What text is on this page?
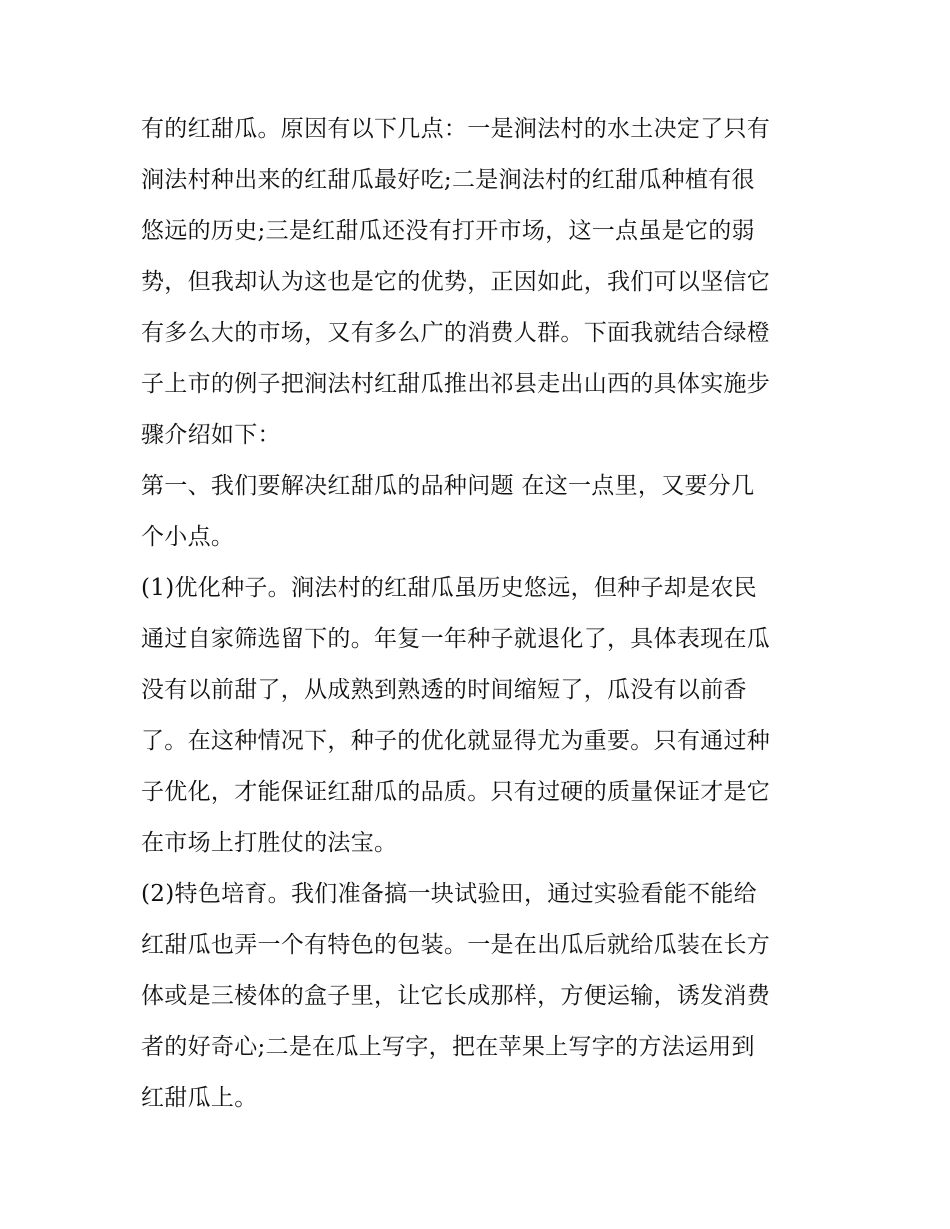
有的红甜瓜。原因有以下几点：一是涧法村的水土决定了只有
涧法村种出来的红甜瓜最好吃;二是涧法村的红甜瓜种植有很
悠远的历史;三是红甜瓜还没有打开市场，这一点虽是它的弱
势，但我却认为这也是它的优势，正因如此，我们可以坚信它
有多么大的市场，又有多么广的消费人群。下面我就结合绿橙
子上市的例子把涧法村红甜瓜推出祁县走出山西的具体实施步
骤介绍如下：
第一、我们要解决红甜瓜的品种问题 在这一点里，又要分几
个小点。
(1)优化种子。涧法村的红甜瓜虽历史悠远，但种子却是农民
通过自家筛选留下的。年复一年种子就退化了，具体表现在瓜
没有以前甜了，从成熟到熟透的时间缩短了，瓜没有以前香
了。在这种情况下，种子的优化就显得尤为重要。只有通过种
子优化，才能保证红甜瓜的品质。只有过硬的质量保证才是它
在市场上打胜仗的法宝。
(2)特色培育。我们准备搞一块试验田，通过实验看能不能给
红甜瓜也弄一个有特色的包装。一是在出瓜后就给瓜装在长方
体或是三棱体的盒子里，让它长成那样，方便运输，诱发消费
者的好奇心;二是在瓜上写字，把在苹果上写字的方法运用到
红甜瓜上。
